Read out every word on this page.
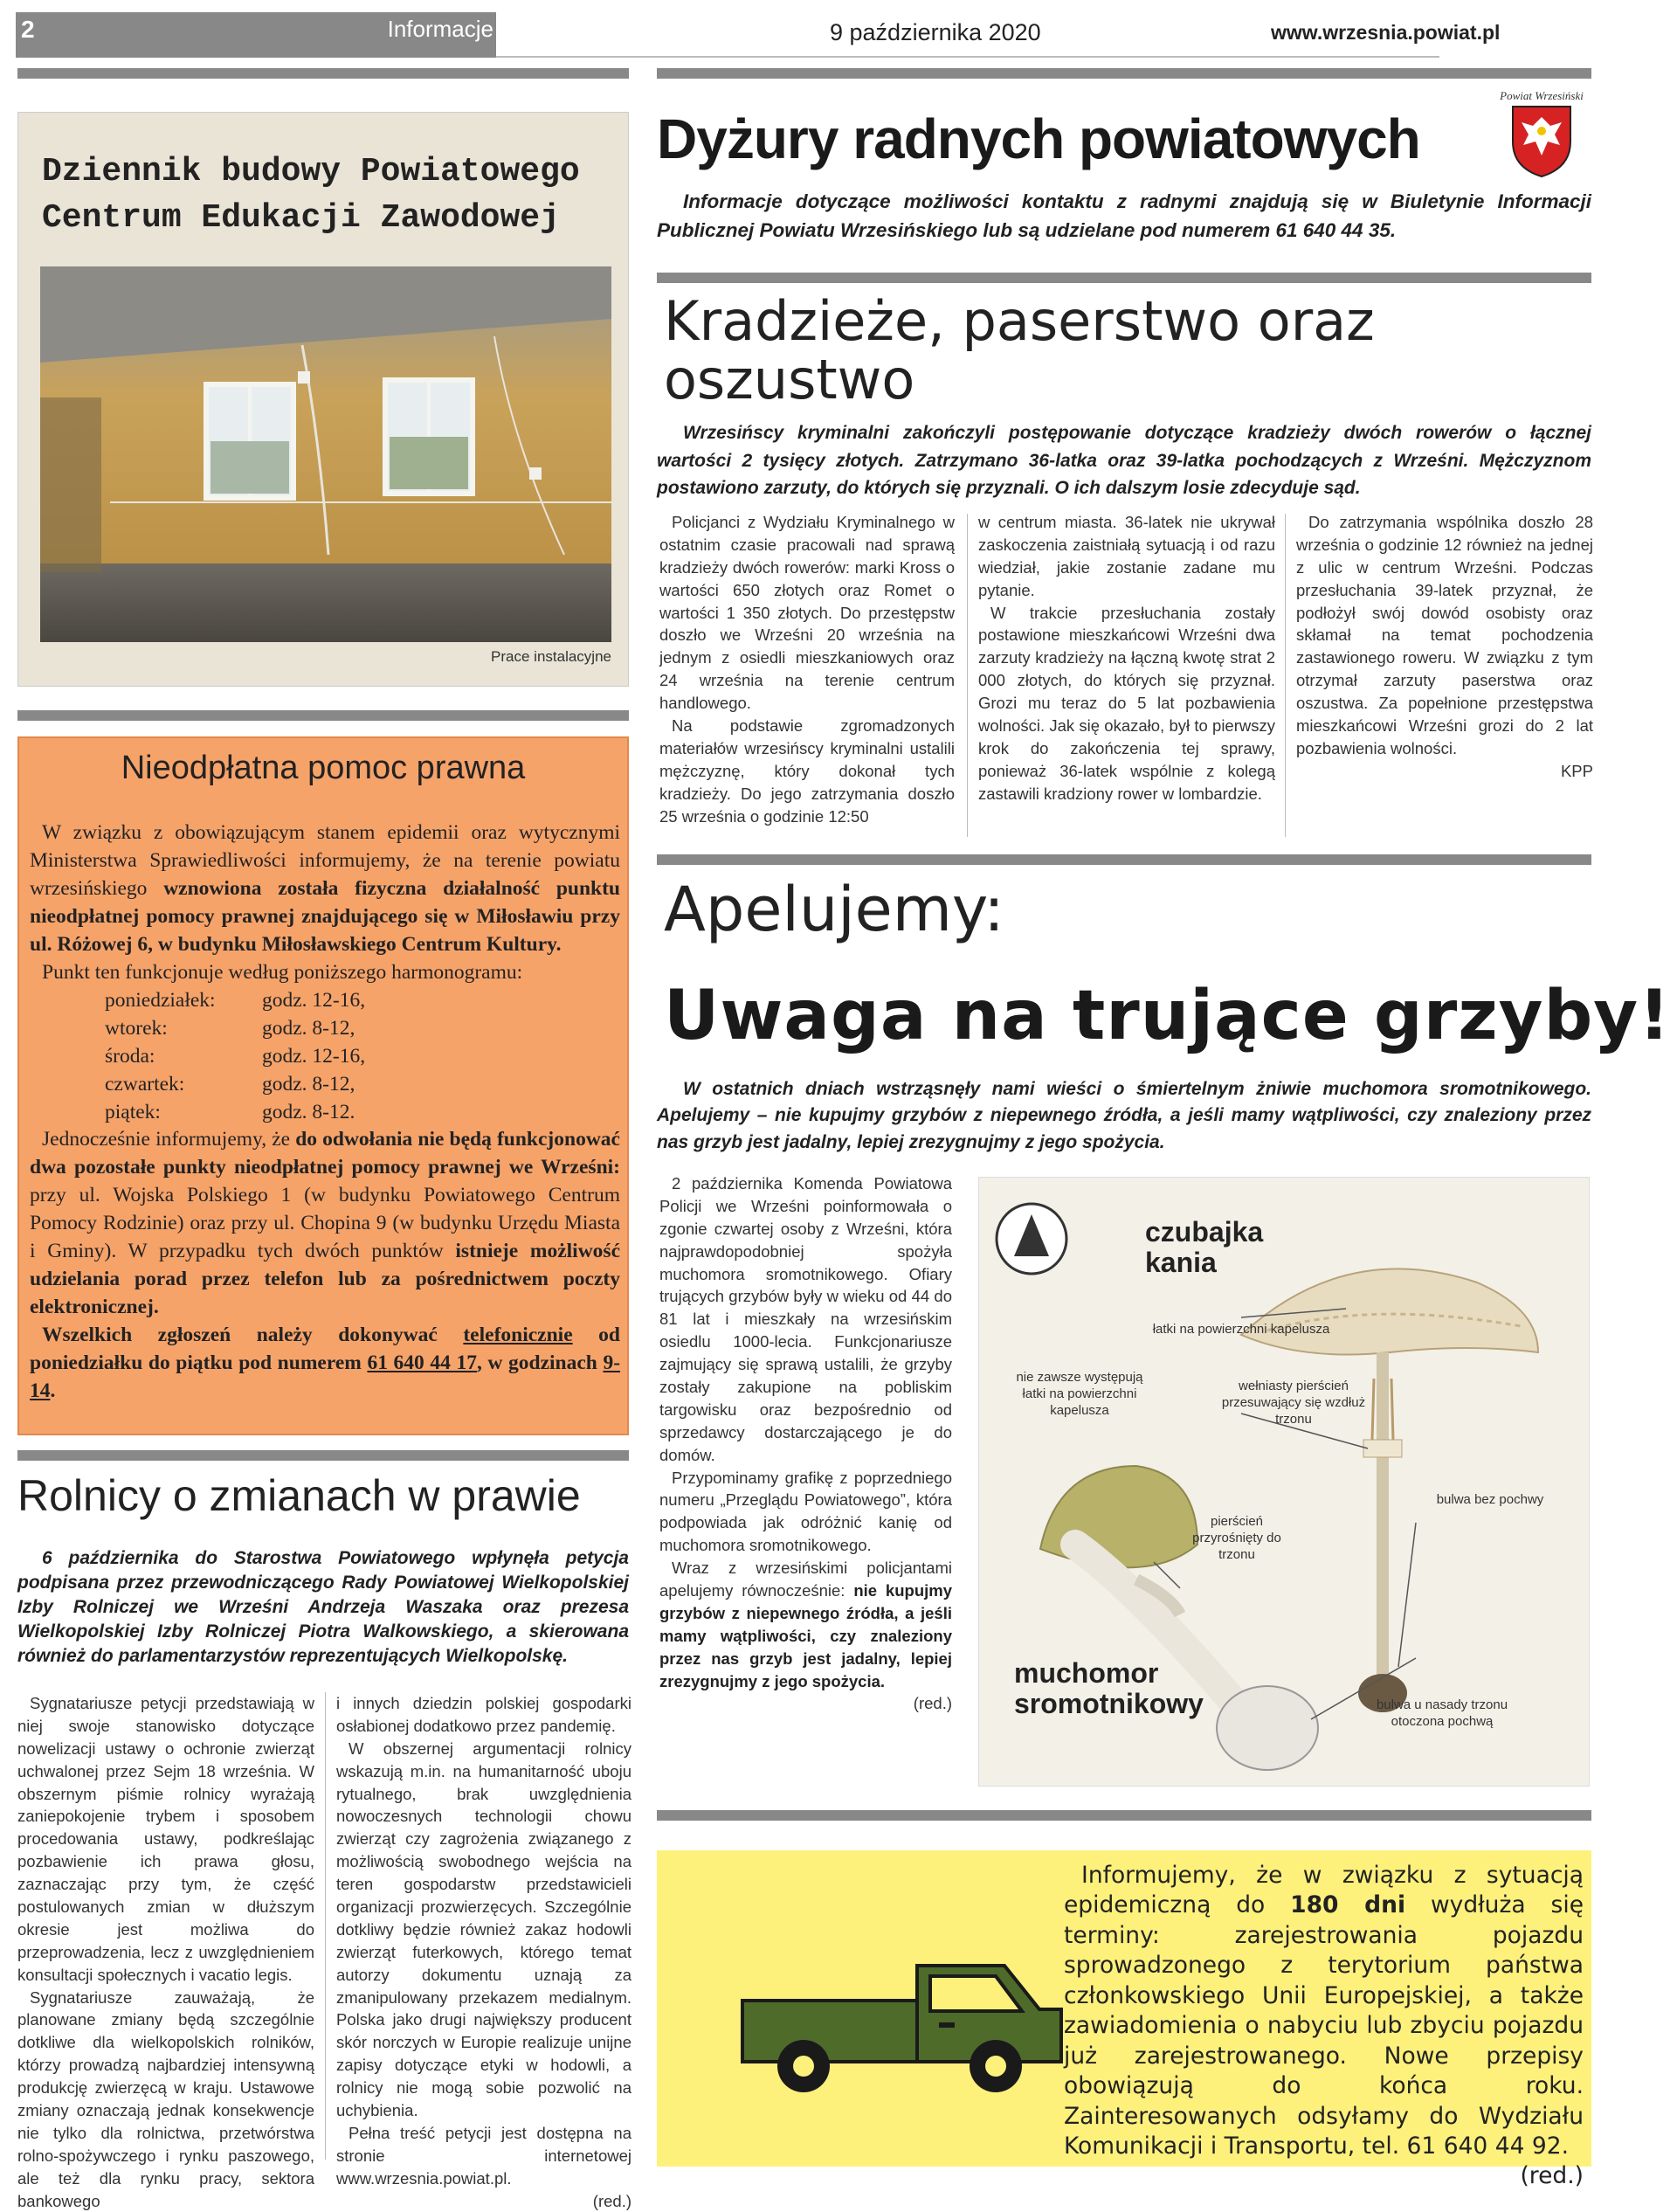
2	Informacje	9 października 2020	www.wrzesnia.powiat.pl
Dziennik budowy Powiatowego Centrum Edukacji Zawodowej
Prace instalacyjne
Nieodpłatna pomoc prawna

W związku z obowiązującym stanem epidemii oraz wytycznymi Ministerstwa Sprawiedliwości informujemy, że na terenie powiatu wrzesińskiego wznowiona została fizyczna działalność punktu nieodpłatnej pomocy prawnej znajdującego się w Miłosławiu przy ul. Różowej 6, w budynku Miłosławskiego Centrum Kultury.

Punkt ten funkcjonuje według poniższego harmonogramu:

poniedziałek:	godz. 12-16,
wtorek:	godz. 8-12,
środa:	godz. 12-16,
czwartek:	godz. 8-12,
piątek:	godz. 8-12.

Jednocześnie informujemy, że do odwołania nie będą funkcjonować dwa pozostałe punkty nieodpłatnej pomocy prawnej we Wrześni: przy ul. Wojska Polskiego 1 (w budynku Powiatowego Centrum Pomocy Rodzinie) oraz przy ul. Chopina 9 (w budynku Urzędu Miasta i Gminy). W przypadku tych dwóch punktów istnieje możliwość udzielania porad przez telefon lub za pośrednictwem poczty elektronicznej.

Wszelkich zgłoszeń należy dokonywać telefonicznie od poniedziałku do piątku pod numerem 61 640 44 17, w godzinach 9-14.

Rolnicy o zmianach w prawie
6 października do Starostwa Powiatowego wpłynęła petycja podpisana przez przewodniczącego Rady Powiatowej Wielkopolskiej Izby Rolniczej we Wrześni Andrzeja Waszaka oraz prezesa Wielkopolskiej Izby Rolniczej Piotra Walkowskiego, a skierowana również do parlamentarzystów reprezentujących Wielkopolskę.

Sygnatariusze petycji przedstawiają w niej swoje stanowisko dotyczące nowelizacji ustawy o ochronie zwierząt uchwalonej przez Sejm 18 września. W obszernym piśmie rolnicy wyrażają zaniepokojenie trybem i sposobem procedowania ustawy, podkreślając pozbawienie ich prawa głosu, zaznaczając przy tym, że część postulowanych zmian w dłuższym okresie jest możliwa do przeprowadzenia, lecz z uwzględnieniem konsultacji społecznych i vacatio legis.

Sygnatariusze zauważają, że planowane zmiany będą szczególnie dotkliwe dla wielkopolskich rolników, którzy prowadzą najbardziej intensywną produkcję zwierzęcą w kraju. Ustawowe zmiany oznaczają jednak konsekwencje nie tylko dla rolnictwa, przetwórstwa rolno-spożywczego i rynku paszowego, ale też dla rynku pracy, sektora bankowego

i innych dziedzin polskiej gospodarki osłabionej dodatkowo przez pandemię.

W obszernej argumentacji rolnicy wskazują m.in. na humanitarność uboju rytualnego, brak uwzględnienia nowoczesnych technologii chowu zwierząt czy zagrożenia związanego z możliwością swobodnego wejścia na teren gospodarstw przedstawicieli organizacji prozwierzęcych. Szczególnie dotkliwy będzie również zakaz hodowli zwierząt futerkowych, którego temat autorzy dokumentu uznają za zmanipulowany przekazem medialnym. Polska jako drugi największy producent skór norczych w Europie realizuje unijne zapisy dotyczące etyki w hodowli, a rolnicy nie mogą sobie pozwolić na uchybienia.

Pełna treść petycji jest dostępna na stronie internetowej www.wrzesnia.powiat.pl.

(red.)
Dyżury radnych powiatowych
Powiat Wrzesiński
Informacje dotyczące możliwości kontaktu z radnymi znajdują się w Biuletynie Informacji Publicznej Powiatu Wrzesińskiego lub są udzielane pod numerem 61 640 44 35.
Kradzieże, paserstwo oraz oszustwo
Wrzesińscy kryminalni zakończyli postępowanie dotyczące kradzieży dwóch rowerów o łącznej wartości 2 tysięcy złotych. Zatrzymano 36-latka oraz 39-latka pochodzących z Wrześni. Mężczyznom postawiono zarzuty, do których się przyznali. O ich dalszym losie zdecyduje sąd.

Policjanci z Wydziału Kryminalnego w ostatnim czasie pracowali nad sprawą kradzieży dwóch rowerów: marki Kross o wartości 650 złotych oraz Romet o wartości 1 350 złotych. Do przestępstw doszło we Wrześni 20 września na jednym z osiedli mieszkaniowych oraz 24 września na terenie centrum handlowego.

Na podstawie zgromadzonych materiałów wrzesińscy kryminalni ustalili mężczyznę, który dokonał tych kradzieży. Do jego zatrzymania doszło 25 września o godzinie 12:50

w centrum miasta. 36-latek nie ukrywał zaskoczenia zaistniałą sytuacją i od razu wiedział, jakie zostanie zadane mu pytanie.

W trakcie przesłuchania zostały postawione mieszkańcowi Wrześni dwa zarzuty kradzieży na łączną kwotę strat 2 000 złotych, do których się przyznał. Grozi mu teraz do 5 lat pozbawienia wolności. Jak się okazało, był to pierwszy krok do zakończenia tej sprawy, ponieważ 36-latek wspólnie z kolegą zastawili kradziony rower w lombardzie.

Do zatrzymania wspólnika doszło 28 września o godzinie 12 również na jednej z ulic w centrum Wrześni. Podczas przesłuchania 39-latek przyznał, że podłożył swój dowód osobisty oraz skłamał na temat pochodzenia zastawionego roweru. W związku z tym otrzymał zarzuty paserstwa oraz oszustwa. Za popełnione przestępstwa mieszkańcowi Wrześni grozi do 2 lat pozbawienia wolności.

KPP
Apelujemy:
Uwaga na trujące grzyby!
W ostatnich dniach wstrząsnęły nami wieści o śmiertelnym żniwie muchomora sromotnikowego. Apelujemy – nie kupujmy grzybów z niepewnego źródła, a jeśli mamy wątpliwości, czy znaleziony przez nas grzyb jest jadalny, lepiej zrezygnujmy z jego spożycia.

2 października Komenda Powiatowa Policji we Wrześni poinformowała o zgonie czwartej osoby z Wrześni, która najprawdopodobniej spożyła muchomora sromotnikowego. Ofiary trujących grzybów były w wieku od 44 do 81 lat i mieszkały na wrzesińskim osiedlu 1000-lecia. Funkcjonariusze zajmujący się sprawą ustalili, że grzyby zostały zakupione na pobliskim targowisku oraz bezpośrednio od sprzedawcy dostarczającego je do domów.

Przypominamy grafikę z poprzedniego numeru „Przeglądu Powiatowego”, która podpowiada jak odróżnić kanię od muchomora sromotnikowego.

Wraz z wrzesińskimi policjantami apelujemy równocześnie: nie kupujmy grzybów z niepewnego źródła, a jeśli mamy wątpliwości, czy znaleziony przez nas grzyb jest jadalny, lepiej zrezygnujmy z jego spożycia.

(red.)
czubajka kania
łatki na powierzchni kapelusza
wełniasty pierścień przesuwający się wzdłuż trzonu
nie zawsze występują łatki na powierzchni kapelusza
bulwa bez pochwy
pierścień przyrośnięty do trzonu
bulwa u nasady trzonu otoczona pochwą
muchomor sromotnikowy
Informujemy, że w związku z sytuacją epidemiczną do 180 dni wydłuża się terminy: zarejestrowania pojazdu sprowadzonego z terytorium państwa członkowskiego Unii Europejskiej, a także zawiadomienia o nabyciu lub zbyciu pojazdu już zarejestrowanego. Nowe przepisy obowiązują do końca roku. Zainteresowanych odsyłamy do Wydziału Komunikacji i Transportu, tel. 61 640 44 92.
(red.)
